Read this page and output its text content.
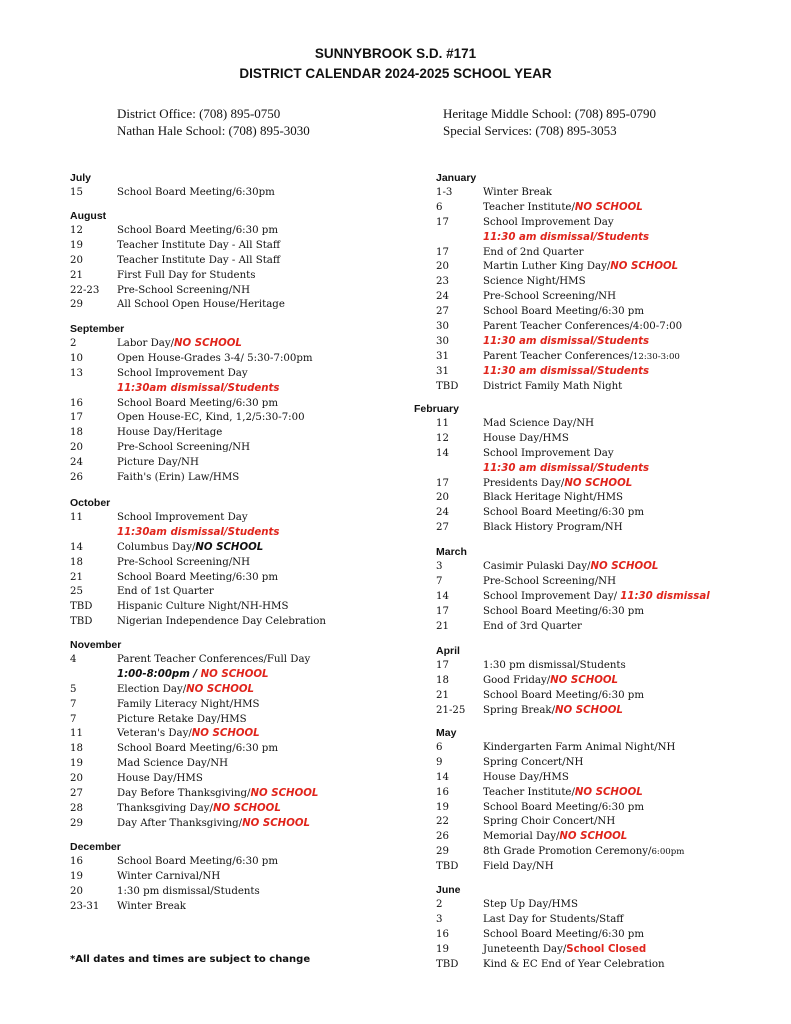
SUNNYBROOK S.D. #171
DISTRICT CALENDAR 2024-2025 SCHOOL YEAR
District Office: (708) 895-0750
Nathan Hale School: (708) 895-3030
Heritage Middle School: (708) 895-0790
Special Services: (708) 895-3053
July
15	School Board Meeting/6:30pm
August
12	School Board Meeting/6:30 pm
19	Teacher Institute Day - All Staff
20	Teacher Institute Day - All Staff
21	First Full Day for Students
22-23 Pre-School Screening/NH
29	All School Open House/Heritage
September
2	Labor Day/NO SCHOOL
10	Open House-Grades 3-4/ 5:30-7:00pm
13	School Improvement Day
11:30am dismissal/Students
16	School Board Meeting/6:30 pm
17	Open House-EC, Kind, 1,2/5:30-7:00
18	House Day/Heritage
20	Pre-School Screening/NH
24	Picture Day/NH
26	Faith's (Erin) Law/HMS
October
11	School Improvement Day
11:30am dismissal/Students
14	Columbus Day/NO SCHOOL
18	Pre-School Screening/NH
21	School Board Meeting/6:30 pm
25	End of 1st Quarter
TBD Hispanic Culture Night/NH-HMS
TBD Nigerian Independence Day Celebration
November
4	Parent Teacher Conferences/Full Day
1:00-8:00pm / NO SCHOOL
5	Election Day/NO SCHOOL
7	Family Literacy Night/HMS
7	Picture Retake Day/HMS
11	Veteran's Day/NO SCHOOL
18	School Board Meeting/6:30 pm
19	Mad Science Day/NH
20	House Day/HMS
27	Day Before Thanksgiving/NO SCHOOL
28	Thanksgiving Day/NO SCHOOL
29	Day After Thanksgiving/NO SCHOOL
December
16	School Board Meeting/6:30 pm
19	Winter Carnival/NH
20	1:30 pm dismissal/Students
23-31 Winter Break
January
1-3	Winter Break
6	Teacher Institute/NO SCHOOL
17	School Improvement Day
11:30 am dismissal/Students
17	End of 2nd Quarter
20	Martin Luther King Day/NO SCHOOL
23	Science Night/HMS
24	Pre-School Screening/NH
27	School Board Meeting/6:30 pm
30	Parent Teacher Conferences/4:00-7:00
30	11:30 am dismissal/Students
31	Parent Teacher Conferences/12:30-3:00
31	11:30 am dismissal/Students
TBD District Family Math Night
February
11	Mad Science Day/NH
12	House Day/HMS
14	School Improvement Day
11:30 am dismissal/Students
17	Presidents Day/NO SCHOOL
20	Black Heritage Night/HMS
24	School Board Meeting/6:30 pm
27	Black History Program/NH
March
3	Casimir Pulaski Day/NO SCHOOL
7	Pre-School Screening/NH
14	School Improvement Day/ 11:30 dismissal
17	School Board Meeting/6:30 pm
21	End of 3rd Quarter
April
17	1:30 pm dismissal/Students
18	Good Friday/NO SCHOOL
21	School Board Meeting/6:30 pm
21-25 Spring Break/NO SCHOOL
May
6	Kindergarten Farm Animal Night/NH
9	Spring Concert/NH
14	House Day/HMS
16	Teacher Institute/NO SCHOOL
19	School Board Meeting/6:30 pm
22	Spring Choir Concert/NH
26	Memorial Day/NO SCHOOL
29	8th Grade Promotion Ceremony/6:00pm
TBD Field Day/NH
June
2	Step Up Day/HMS
3	Last Day for Students/Staff
16	School Board Meeting/6:30 pm
19	Juneteenth Day/School Closed
TBD Kind & EC End of Year Celebration
*All dates and times are subject to change
